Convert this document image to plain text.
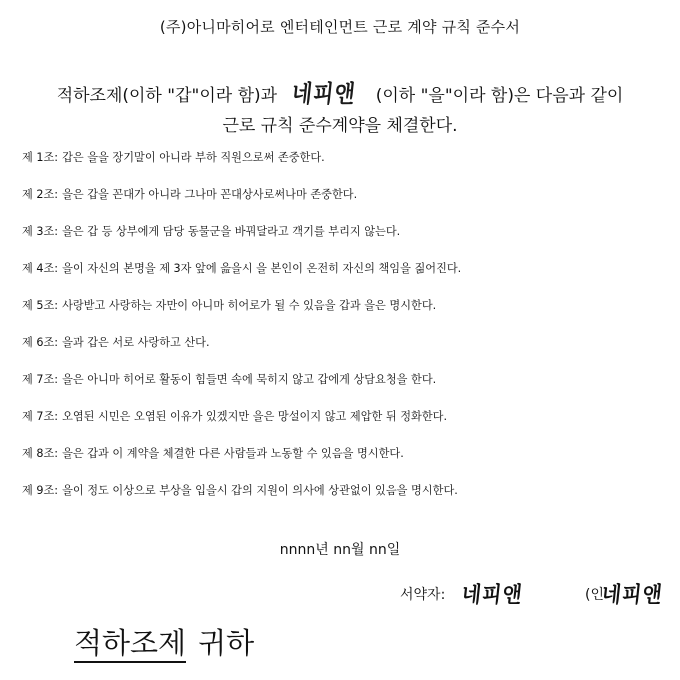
(주)아니마히어로 엔터테인먼트 근로 계약 규칙 준수서
적하조제(이하 "갑"이라 함)과 네피앤 (이하 "을"이라 함)은 다음과 같이
근로 규칙 준수계약을 체결한다.
제 1조: 갑은 을을 장기말이 아니라 부하 직원으로써 존중한다.
제 2조: 을은 갑을 꼰대가 아니라 그나마 꼰대상사로써나마 존중한다.
제 3조: 을은 갑 등 상부에게 담당 동물군을 바꿔달라고 객기를 부리지 않는다.
제 4조: 을이 자신의 본명을 제 3자 앞에 읊을시 을 본인이 온전히 자신의 책임을 짊어진다.
제 5조: 사랑받고 사랑하는 자만이 아니마 히어로가 될 수 있음을 갑과 을은 명시한다.
제 6조: 을과 갑은 서로 사랑하고 산다.
제 7조: 을은 아니마 히어로 활동이 힘들면 속에 묵히지 않고 갑에게 상담요청을 한다.
제 7조: 오염된 시민은 오염된 이유가 있겠지만 을은 망설이지 않고 제압한 뒤 정화한다.
제 8조: 을은 갑과 이 계약을 체결한 다른 사람들과 노동할 수 있음을 명시한다.
제 9조: 을이 정도 이상으로 부상을 입을시 갑의 지원이 의사에 상관없이 있음을 명시한다.
nnnn년 nn월 nn일
서약자: 네피앤	(인
네피앤
적하조제 귀하
